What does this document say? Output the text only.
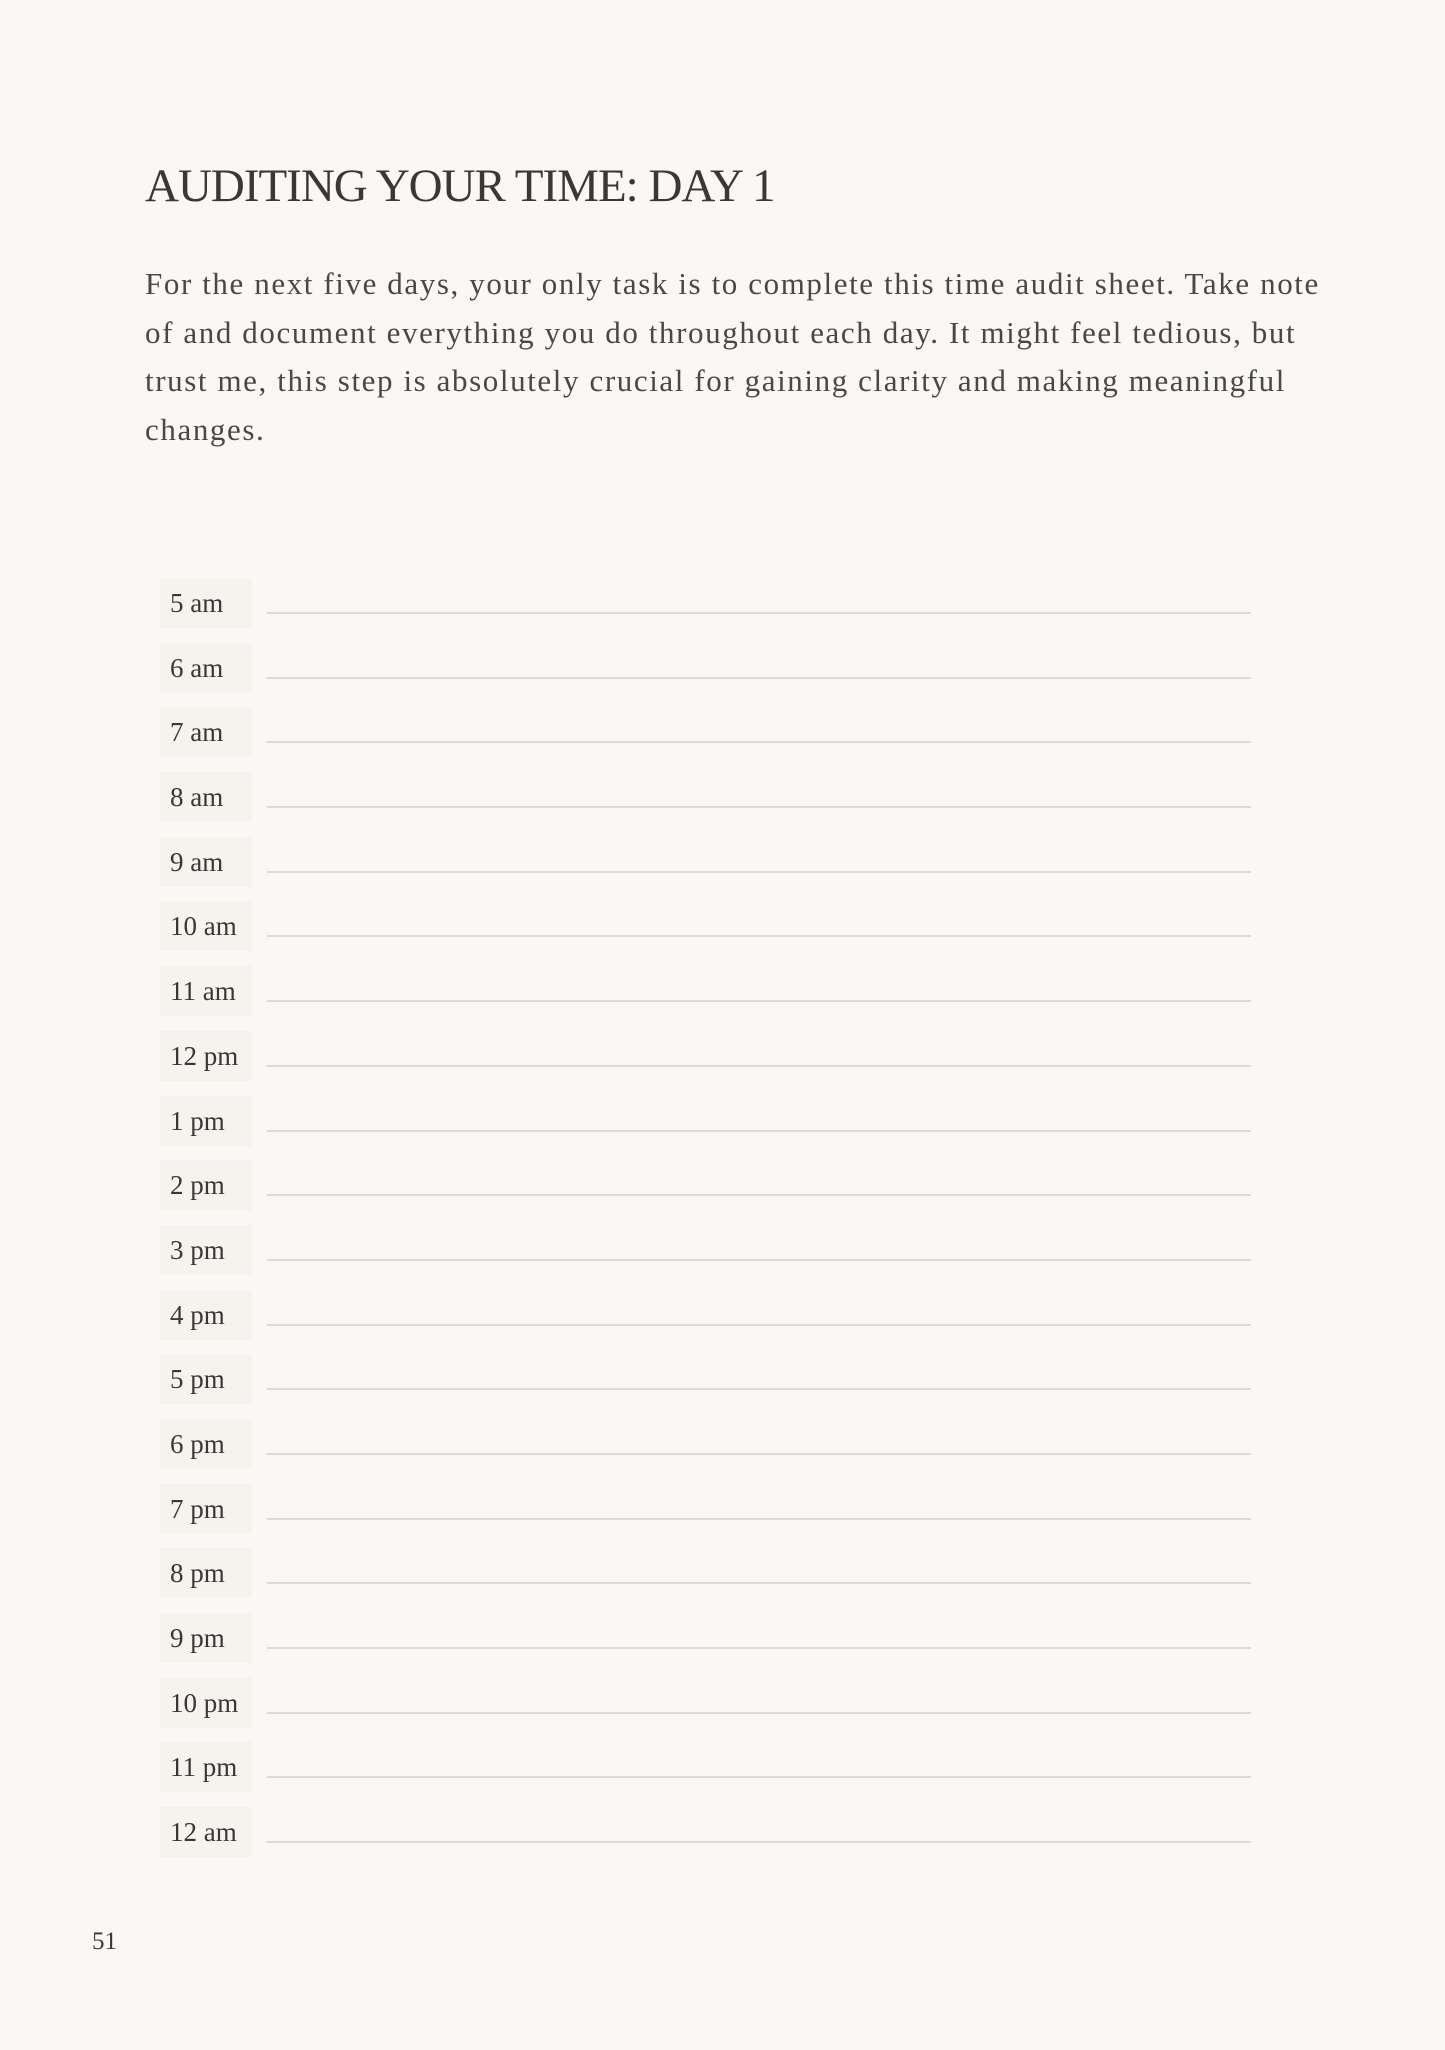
AUDITING YOUR TIME: DAY 1

For the next five days, your only task is to complete this time audit sheet. Take note of and document everything you do throughout each day. It might feel tedious, but trust me, this step is absolutely crucial for gaining clarity and making meaningful changes.

5 am
6 am
7 am
8 am
9 am
10 am
11 am
12 pm
1 pm
2 pm
3 pm
4 pm
5 pm
6 pm
7 pm
8 pm
9 pm
10 pm
11 pm
12 am
51
